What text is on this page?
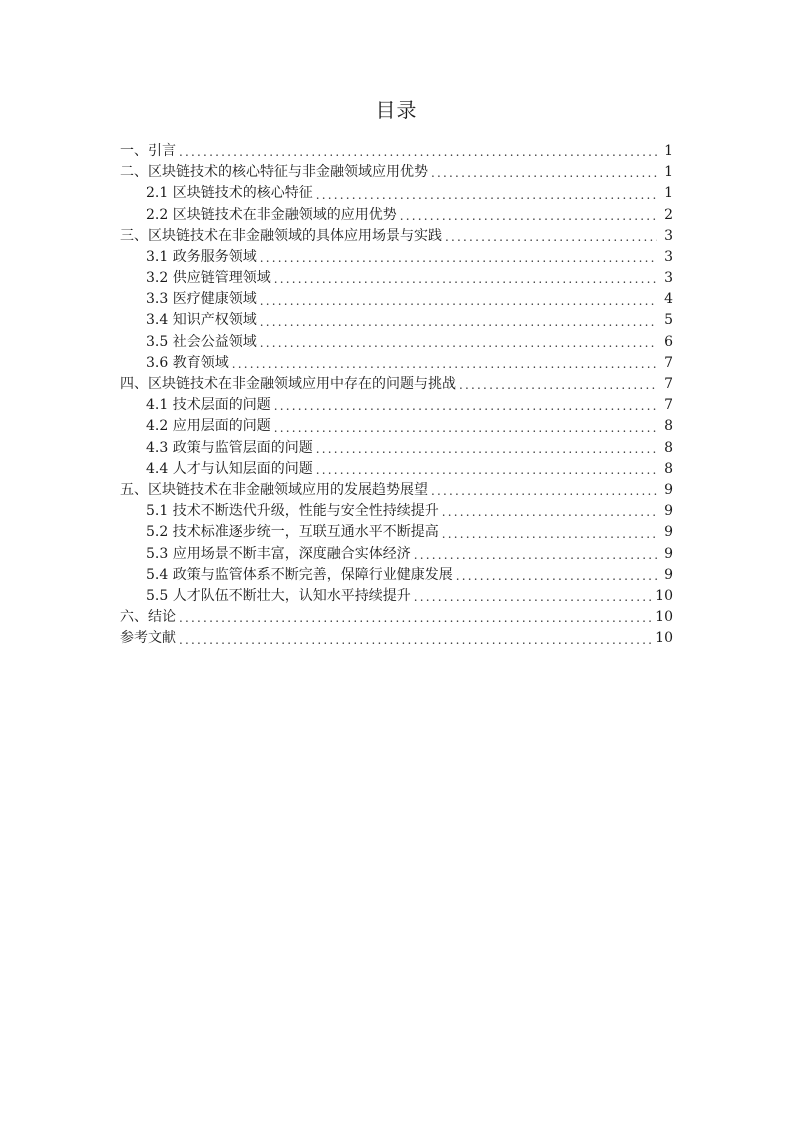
目录
一、引言 .....	1
二、区块链技术的核心特征与非金融领域应用优势 .....	1
2.1 区块链技术的核心特征 .....	1
2.2 区块链技术在非金融领域的应用优势 .....	2
三、区块链技术在非金融领域的具体应用场景与实践 .....	3
3.1 政务服务领域 .....	3
3.2 供应链管理领域 .....	3
3.3 医疗健康领域 .....	4
3.4 知识产权领域 .....	5
3.5 社会公益领域 .....	6
3.6 教育领域 .....	7
四、区块链技术在非金融领域应用中存在的问题与挑战 .....	7
4.1 技术层面的问题 .....	7
4.2 应用层面的问题 .....	8
4.3 政策与监管层面的问题 .....	8
4.4 人才与认知层面的问题 .....	8
五、区块链技术在非金融领域应用的发展趋势展望 .....	9
5.1 技术不断迭代升级，性能与安全性持续提升 .....	9
5.2 技术标准逐步统一，互联互通水平不断提高 .....	9
5.3 应用场景不断丰富，深度融合实体经济 .....	9
5.4 政策与监管体系不断完善，保障行业健康发展 .....	9
5.5 人才队伍不断壮大，认知水平持续提升 .....	10
六、结论 .....	10
参考文献 .....	10
